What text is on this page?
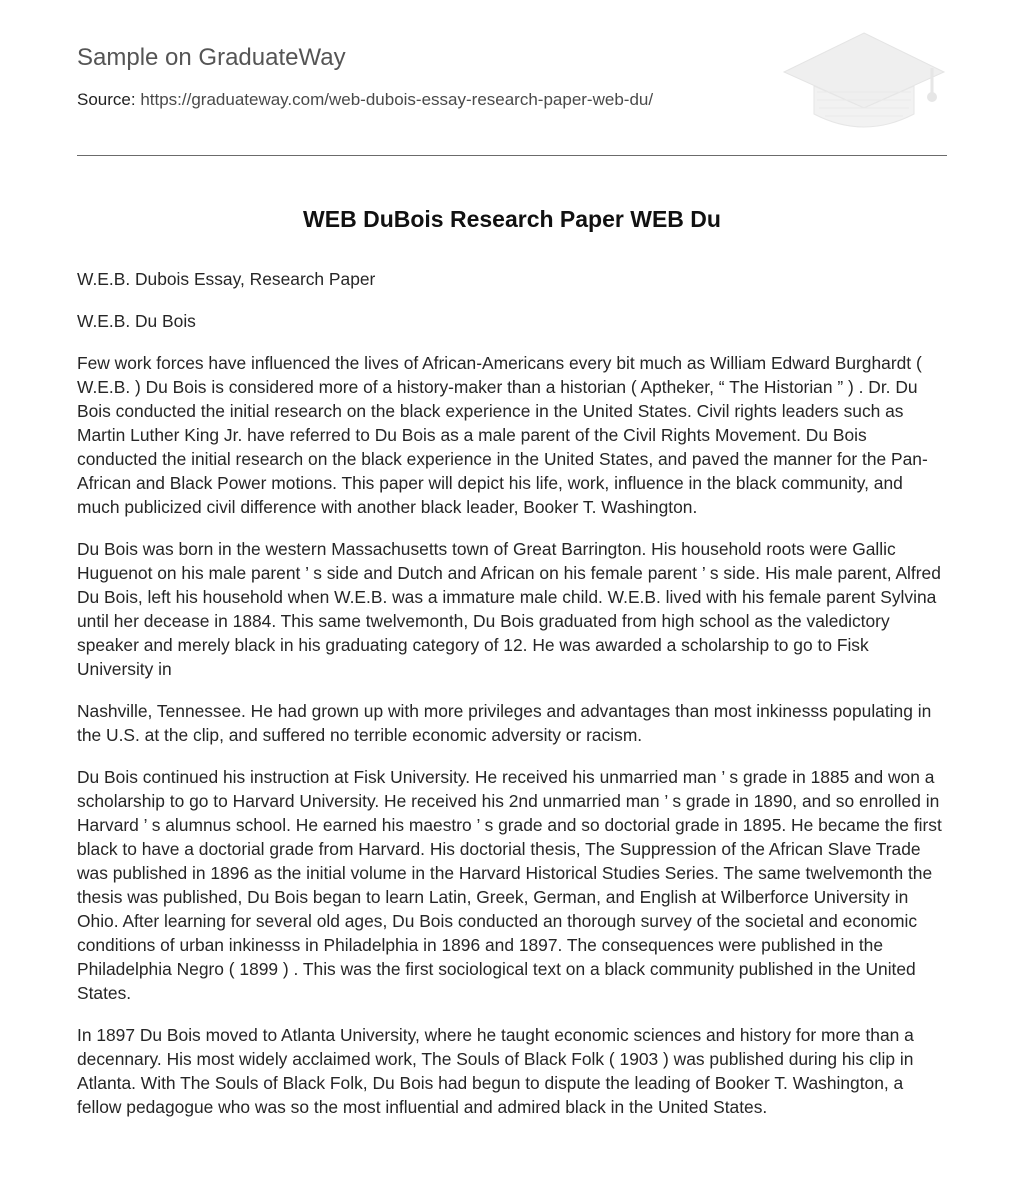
Sample on GraduateWay
Source: https://graduateway.com/web-dubois-essay-research-paper-web-du/
WEB DuBois Research Paper WEB Du

W.E.B. Dubois Essay, Research Paper

W.E.B. Du Bois

Few work forces have influenced the lives of African-Americans every bit much as William Edward Burghardt ( W.E.B. ) Du Bois is considered more of a history-maker than a historian ( Aptheker, “ The Historian ” ) . Dr. Du Bois conducted the initial research on the black experience in the United States. Civil rights leaders such as Martin Luther King Jr. have referred to Du Bois as a male parent of the Civil Rights Movement. Du Bois conducted the initial research on the black experience in the United States, and paved the manner for the Pan-African and Black Power motions. This paper will depict his life, work, influence in the black community, and much publicized civil difference with another black leader, Booker T. Washington.

Du Bois was born in the western Massachusetts town of Great Barrington. His household roots were Gallic Huguenot on his male parent ’ s side and Dutch and African on his female parent ’ s side. His male parent, Alfred Du Bois, left his household when W.E.B. was a immature male child. W.E.B. lived with his female parent Sylvina until her decease in 1884. This same twelvemonth, Du Bois graduated from high school as the valedictory speaker and merely black in his graduating category of 12. He was awarded a scholarship to go to Fisk University in

Nashville, Tennessee. He had grown up with more privileges and advantages than most inkinesss populating in the U.S. at the clip, and suffered no terrible economic adversity or racism.

Du Bois continued his instruction at Fisk University. He received his unmarried man ’ s grade in 1885 and won a scholarship to go to Harvard University. He received his 2nd unmarried man ’ s grade in 1890, and so enrolled in Harvard ’ s alumnus school. He earned his maestro ’ s grade and so doctorial grade in 1895. He became the first black to have a doctorial grade from Harvard. His doctorial thesis, The Suppression of the African Slave Trade was published in 1896 as the initial volume in the Harvard Historical Studies Series. The same twelvemonth the thesis was published, Du Bois began to learn Latin, Greek, German, and English at Wilberforce University in Ohio. After learning for several old ages, Du Bois conducted an thorough survey of the societal and economic conditions of urban inkinesss in Philadelphia in 1896 and 1897. The consequences were published in the Philadelphia Negro ( 1899 ) . This was the first sociological text on a black community published in the United States.

In 1897 Du Bois moved to Atlanta University, where he taught economic sciences and history for more than a decennary. His most widely acclaimed work, The Souls of Black Folk ( 1903 ) was published during his clip in Atlanta. With The Souls of Black Folk, Du Bois had begun to dispute the leading of Booker T. Washington, a fellow pedagogue who was so the most influential and admired black in the United States.
